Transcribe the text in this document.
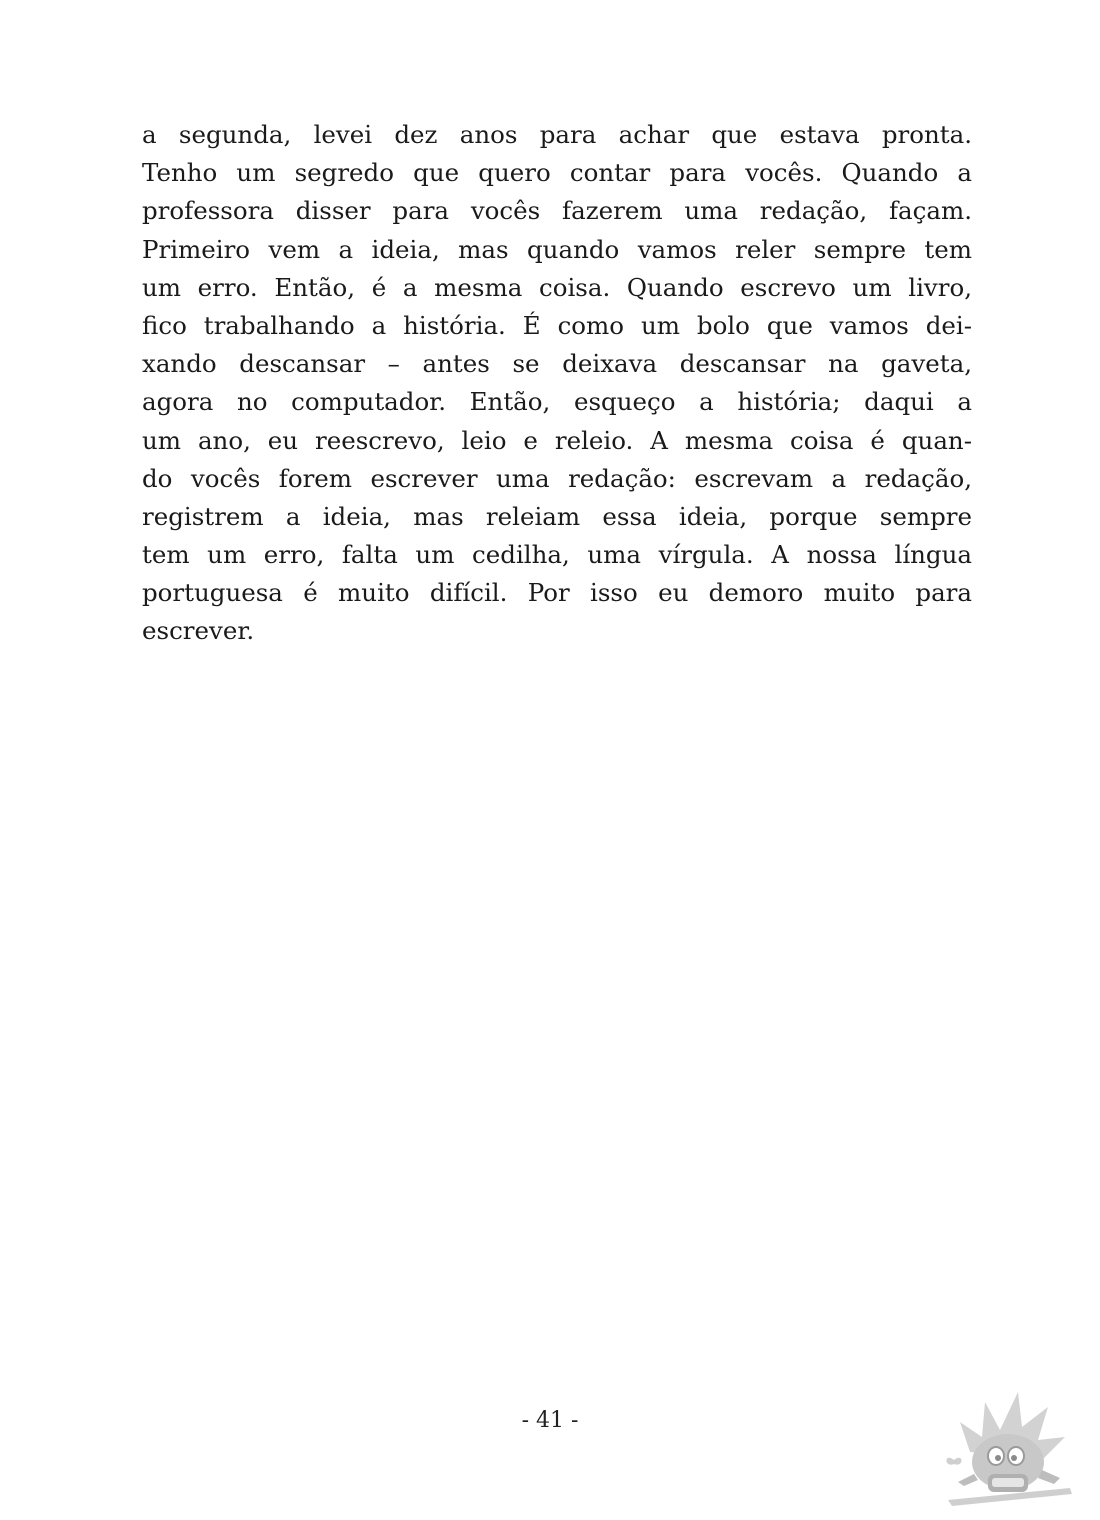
a segunda, levei dez anos para achar que estava pronta.
Tenho um segredo que quero contar para vocês. Quando a
professora disser para vocês fazerem uma redação, façam.
Primeiro vem a ideia, mas quando vamos reler sempre tem
um erro. Então, é a mesma coisa. Quando escrevo um livro,
fico trabalhando a história. É como um bolo que vamos dei-
xando descansar – antes se deixava descansar na gaveta,
agora no computador. Então, esqueço a história; daqui a
um ano, eu reescrevo, leio e releio. A mesma coisa é quan-
do vocês forem escrever uma redação: escrevam a redação,
registrem a ideia, mas releiam essa ideia, porque sempre
tem um erro, falta um cedilha, uma vírgula. A nossa língua
portuguesa é muito difícil. Por isso eu demoro muito para
escrever.
- 41 -
